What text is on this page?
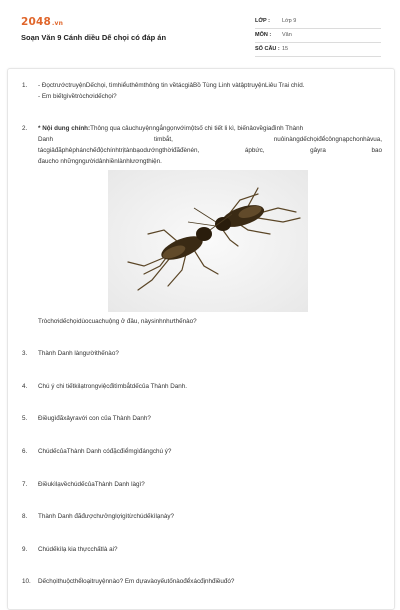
2048.vn
Soạn Văn 9 Cánh diều Dế chọi có đáp án
LỚP : Lớp 9
MÔN : Văn
SỐ CÂU : 15
1. - ĐọctrướctruyệnDếchọi, tìmhiểuthêmthông tin vềtácgiảBồ Tùng Linh vàtậptruyệnLiêu Trai chíd.
- Em biếtgìvềtròchơidếchọi?
2. * Nội dung chính:Thông qua câuchuyệnngắngọnvớimộtsố chi tiết li kì, biếnảovềgiađình Thành
Danh	timbắt,	nuôinàngdếchọiđểcôngnạpchonhàvua,
tácgiảđãphêphánchếđộchínhtrịtànbạodướngthờiđãđènén,	ápbức,	gâyra	bao
đaucho nhữngngườidânhiềnlànhlươngthiện.
Tròchơidếchọidùocuachuộng ở đâu, nàysinhnhưthếnào?
3. Thành Danh làngườithếnào?
4. Chú ý chi tiếtkilạtrongviệcđitìmbắtdếcủa Thành Danh.
5. Điềugìđãxảyravới con của Thành Danh?
6. ChúdếcủaThành Danh cóđặcđiểmgìđángchú ý?
7. ĐiềukìlạvềchúdếcủaThành Danh làgì?
8. Thành Danh đãđượchưởnglợigìtừchúdếkìlạnày?
9. Chúdếkìlạ kia thựcchấtlà ai?
10. Dếchọithuộcthểloạitruyệnnào? Em dựavàoyếutốnàođểxácđịnhđiềuđó?
